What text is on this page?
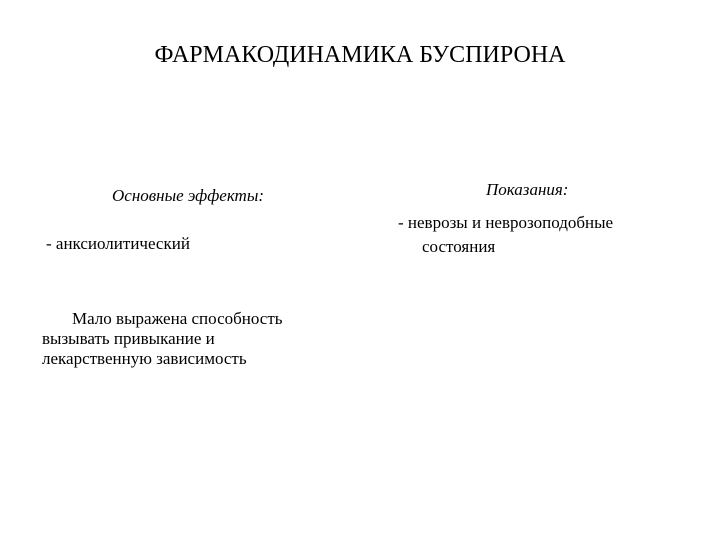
ФАРМАКОДИНАМИКА БУСПИРОНА
Основные эффекты:
- анксиолитический
Мало выражена способность
вызывать привыкание и
лекарственную зависимость
Показания:
- неврозы и неврозоподобные
состояния
